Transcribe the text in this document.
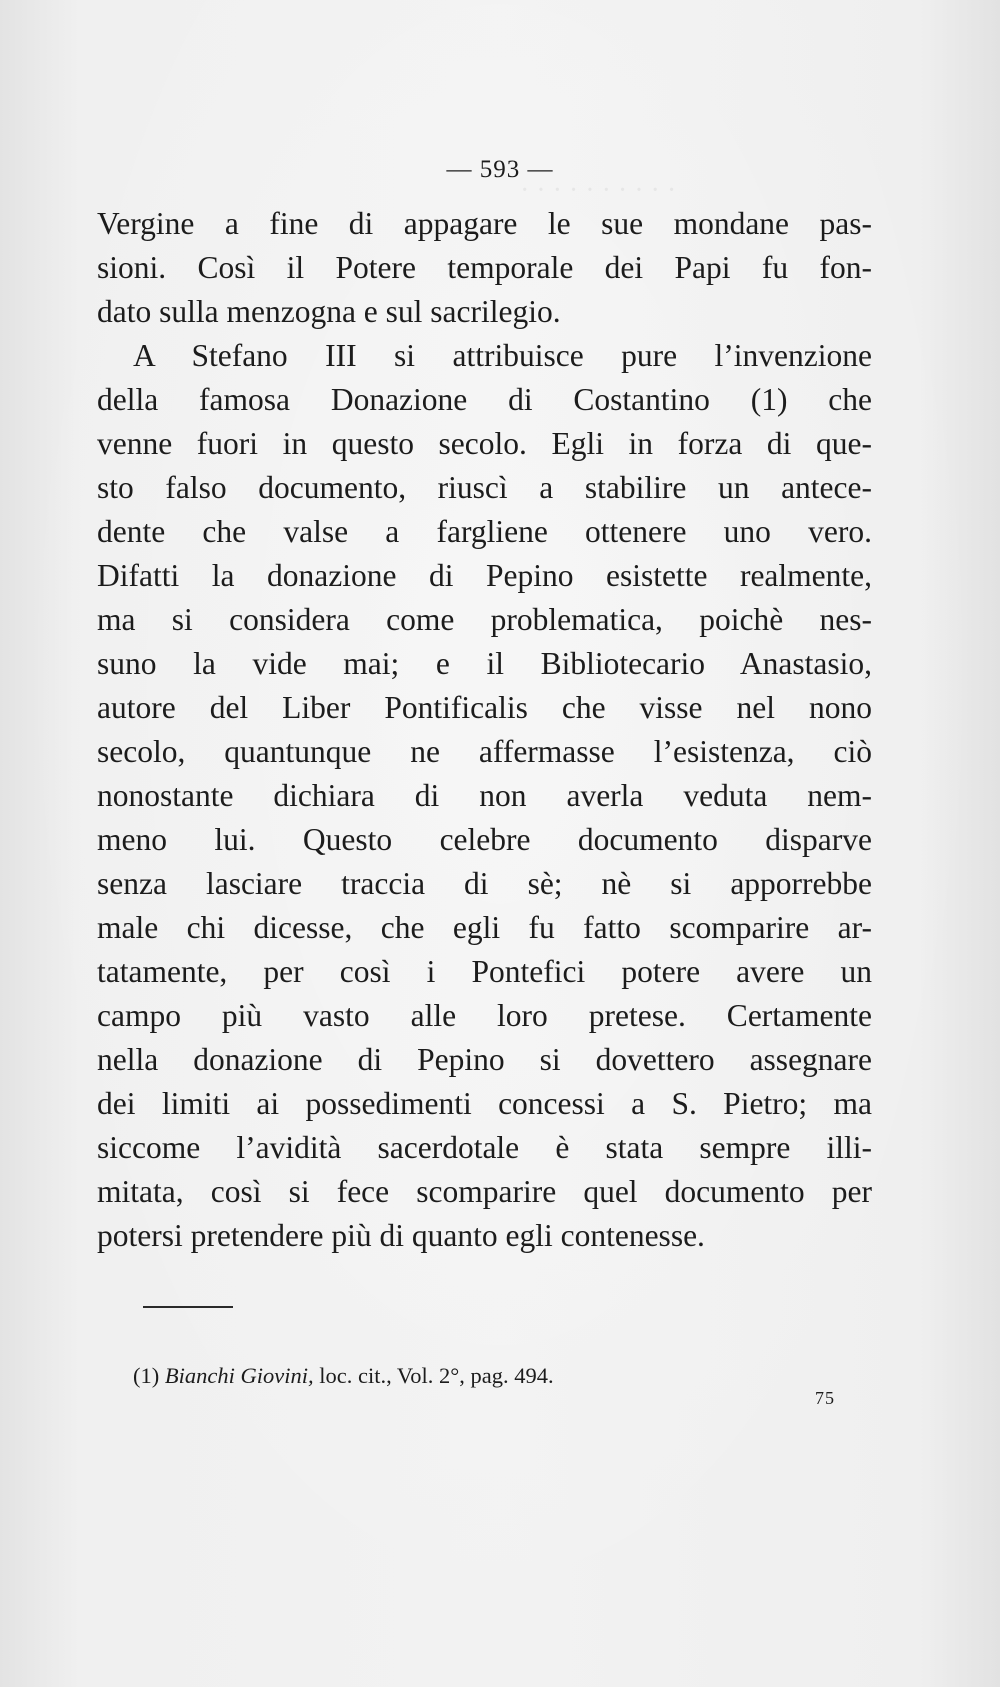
· · · · · · · · · ·
— 593 —
Vergine a fine di appagare le sue mondane pas-
sioni. Così il Potere temporale dei Papi fu fon-
dato sulla menzogna e sul sacrilegio.
A Stefano III si attribuisce pure l’invenzione
della famosa Donazione di Costantino (1) che
venne fuori in questo secolo. Egli in forza di que-
sto falso documento, riuscì a stabilire un antece-
dente che valse a fargliene ottenere uno vero.
Difatti la donazione di Pepino esistette realmente,
ma si considera come problematica, poichè nes-
suno la vide mai; e il Bibliotecario Anastasio,
autore del Liber Pontificalis che visse nel nono
secolo, quantunque ne affermasse l’esistenza, ciò
nonostante dichiara di non averla veduta nem-
meno lui. Questo celebre documento disparve
senza lasciare traccia di sè; nè si apporrebbe
male chi dicesse, che egli fu fatto scomparire ar-
tatamente, per così i Pontefici potere avere un
campo più vasto alle loro pretese. Certamente
nella donazione di Pepino si dovettero assegnare
dei limiti ai possedimenti concessi a S. Pietro; ma
siccome l’avidità sacerdotale è stata sempre illi-
mitata, così si fece scomparire quel documento per
potersi pretendere più di quanto egli contenesse.
(1) Bianchi Giovini, loc. cit., Vol. 2°, pag. 494.
75
